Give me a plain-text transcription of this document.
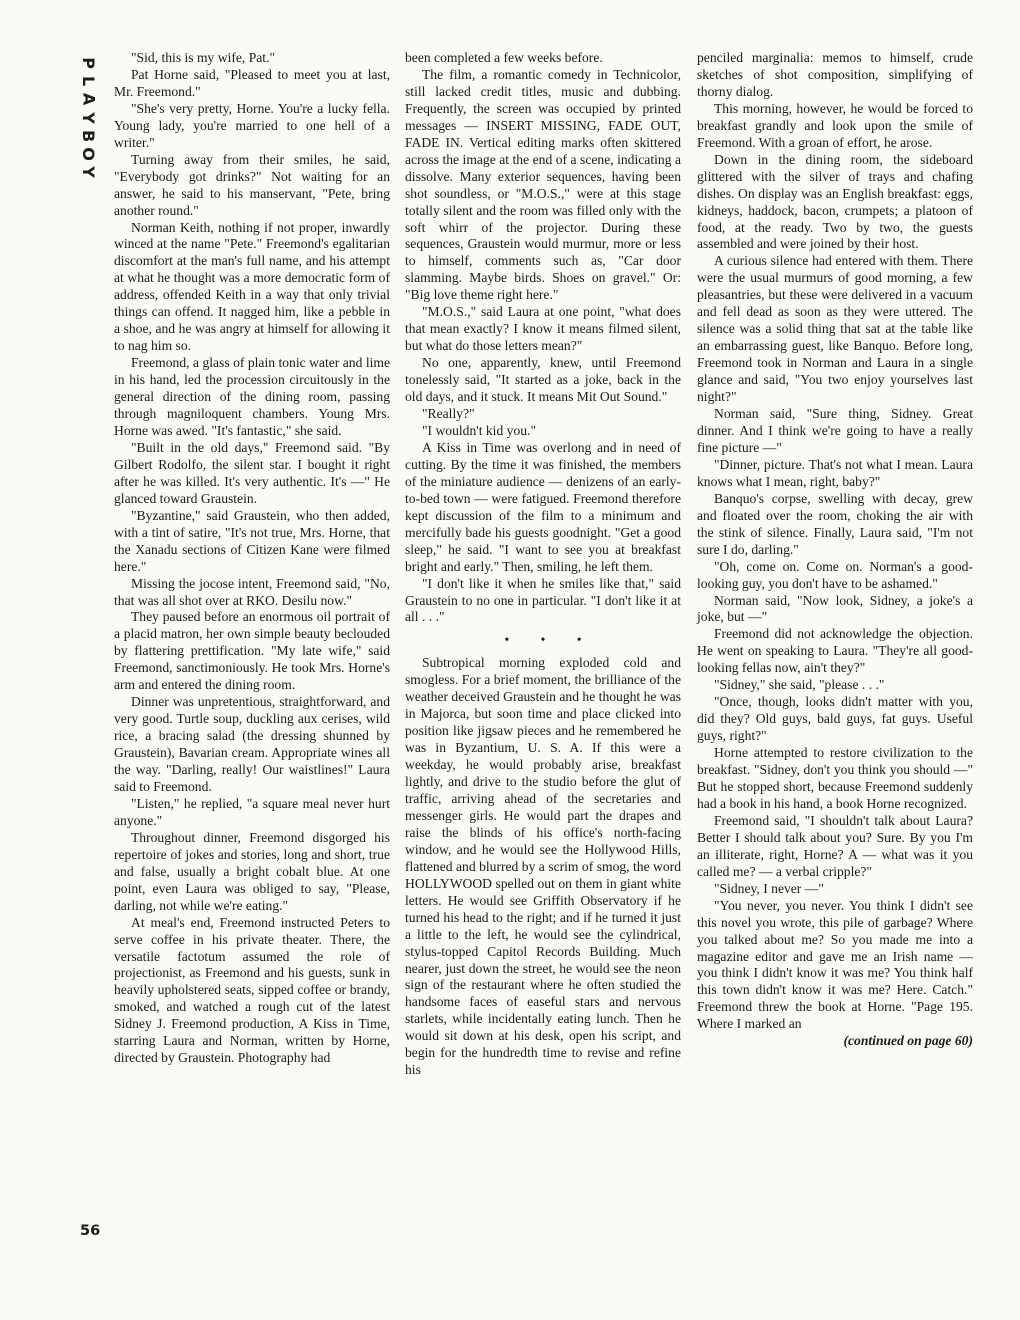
P
L
A
Y
B
O
Y

"Sid, this is my wife, Pat."

Pat Horne said, "Pleased to meet you at last, Mr. Freemond."

"She's very pretty, Horne. You're a lucky fella. Young lady, you're married to one hell of a writer."

Turning away from their smiles, he said, "Everybody got drinks?" Not waiting for an answer, he said to his manservant, "Pete, bring another round."

Norman Keith, nothing if not proper, inwardly winced at the name "Pete." Freemond's egalitarian discomfort at the man's full name, and his attempt at what he thought was a more democratic form of address, offended Keith in a way that only trivial things can offend. It nagged him, like a pebble in a shoe, and he was angry at himself for allowing it to nag him so.

Freemond, a glass of plain tonic water and lime in his hand, led the procession circuitously in the general direction of the dining room, passing through magniloquent chambers. Young Mrs. Horne was awed. "It's fantastic," she said.

"Built in the old days," Freemond said. "By Gilbert Rodolfo, the silent star. I bought it right after he was killed. It's very authentic. It's —" He glanced toward Graustein.

"Byzantine," said Graustein, who then added, with a tint of satire, "It's not true, Mrs. Horne, that the Xanadu sections of Citizen Kane were filmed here."

Missing the jocose intent, Freemond said, "No, that was all shot over at RKO. Desilu now."

They paused before an enormous oil portrait of a placid matron, her own simple beauty beclouded by flattering prettification. "My late wife," said Freemond, sanctimoniously. He took Mrs. Horne's arm and entered the dining room.

Dinner was unpretentious, straightforward, and very good. Turtle soup, duckling aux cerises, wild rice, a bracing salad (the dressing shunned by Graustein), Bavarian cream. Appropriate wines all the way. "Darling, really! Our waistlines!" Laura said to Freemond.

"Listen," he replied, "a square meal never hurt anyone."

Throughout dinner, Freemond disgorged his repertoire of jokes and stories, long and short, true and false, usually a bright cobalt blue. At one point, even Laura was obliged to say, "Please, darling, not while we're eating."

At meal's end, Freemond instructed Peters to serve coffee in his private theater. There, the versatile factotum assumed the role of projectionist, as Freemond and his guests, sunk in heavily upholstered seats, sipped coffee or brandy, smoked, and watched a rough cut of the latest Sidney J. Freemond production, A Kiss in Time, starring Laura and Norman, written by Horne, directed by Graustein. Photography had

been completed a few weeks before.

The film, a romantic comedy in Technicolor, still lacked credit titles, music and dubbing. Frequently, the screen was occupied by printed messages — INSERT MISSING, FADE OUT, FADE IN. Vertical editing marks often skittered across the image at the end of a scene, indicating a dissolve. Many exterior sequences, having been shot soundless, or "M.O.S.," were at this stage totally silent and the room was filled only with the soft whirr of the projector. During these sequences, Graustein would murmur, more or less to himself, comments such as, "Car door slamming. Maybe birds. Shoes on gravel." Or: "Big love theme right here."

"M.O.S.," said Laura at one point, "what does that mean exactly? I know it means filmed silent, but what do those letters mean?"

No one, apparently, knew, until Freemond tonelessly said, "It started as a joke, back in the old days, and it stuck. It means Mit Out Sound."

"Really?"

"I wouldn't kid you."

A Kiss in Time was overlong and in need of cutting. By the time it was finished, the members of the miniature audience — denizens of an early-to-bed town — were fatigued. Freemond therefore kept discussion of the film to a minimum and mercifully bade his guests goodnight. "Get a good sleep," he said. "I want to see you at breakfast bright and early." Then, smiling, he left them.

"I don't like it when he smiles like that," said Graustein to no one in particular. "I don't like it at all . . ."

• • •

Subtropical morning exploded cold and smogless. For a brief moment, the brilliance of the weather deceived Graustein and he thought he was in Majorca, but soon time and place clicked into position like jigsaw pieces and he remembered he was in Byzantium, U. S. A. If this were a weekday, he would probably arise, breakfast lightly, and drive to the studio before the glut of traffic, arriving ahead of the secretaries and messenger girls. He would part the drapes and raise the blinds of his office's north-facing window, and he would see the Hollywood Hills, flattened and blurred by a scrim of smog, the word HOLLYWOOD spelled out on them in giant white letters. He would see Griffith Observatory if he turned his head to the right; and if he turned it just a little to the left, he would see the cylindrical, stylus-topped Capitol Records Building. Much nearer, just down the street, he would see the neon sign of the restaurant where he often studied the handsome faces of easeful stars and nervous starlets, while incidentally eating lunch. Then he would sit down at his desk, open his script, and begin for the hundredth time to revise and refine his

penciled marginalia: memos to himself, crude sketches of shot composition, simplifying of thorny dialog.

This morning, however, he would be forced to breakfast grandly and look upon the smile of Freemond. With a groan of effort, he arose.

Down in the dining room, the sideboard glittered with the silver of trays and chafing dishes. On display was an English breakfast: eggs, kidneys, haddock, bacon, crumpets; a platoon of food, at the ready. Two by two, the guests assembled and were joined by their host.

A curious silence had entered with them. There were the usual murmurs of good morning, a few pleasantries, but these were delivered in a vacuum and fell dead as soon as they were uttered. The silence was a solid thing that sat at the table like an embarrassing guest, like Banquo. Before long, Freemond took in Norman and Laura in a single glance and said, "You two enjoy yourselves last night?"

Norman said, "Sure thing, Sidney. Great dinner. And I think we're going to have a really fine picture —"

"Dinner, picture. That's not what I mean. Laura knows what I mean, right, baby?"

Banquo's corpse, swelling with decay, grew and floated over the room, choking the air with the stink of silence. Finally, Laura said, "I'm not sure I do, darling."

"Oh, come on. Come on. Norman's a good-looking guy, you don't have to be ashamed."

Norman said, "Now look, Sidney, a joke's a joke, but —"

Freemond did not acknowledge the objection. He went on speaking to Laura. "They're all good-looking fellas now, ain't they?"

"Sidney," she said, "please . . ."

"Once, though, looks didn't matter with you, did they? Old guys, bald guys, fat guys. Useful guys, right?"

Horne attempted to restore civilization to the breakfast. "Sidney, don't you think you should —" But he stopped short, because Freemond suddenly had a book in his hand, a book Horne recognized.

Freemond said, "I shouldn't talk about Laura? Better I should talk about you? Sure. By you I'm an illiterate, right, Horne? A — what was it you called me? — a verbal cripple?"

"Sidney, I never —"

"You never, you never. You think I didn't see this novel you wrote, this pile of garbage? Where you talked about me? So you made me into a magazine editor and gave me an Irish name — you think I didn't know it was me? You think half this town didn't know it was me? Here. Catch." Freemond threw the book at Horne. "Page 195. Where I marked an

(continued on page 60)

56
